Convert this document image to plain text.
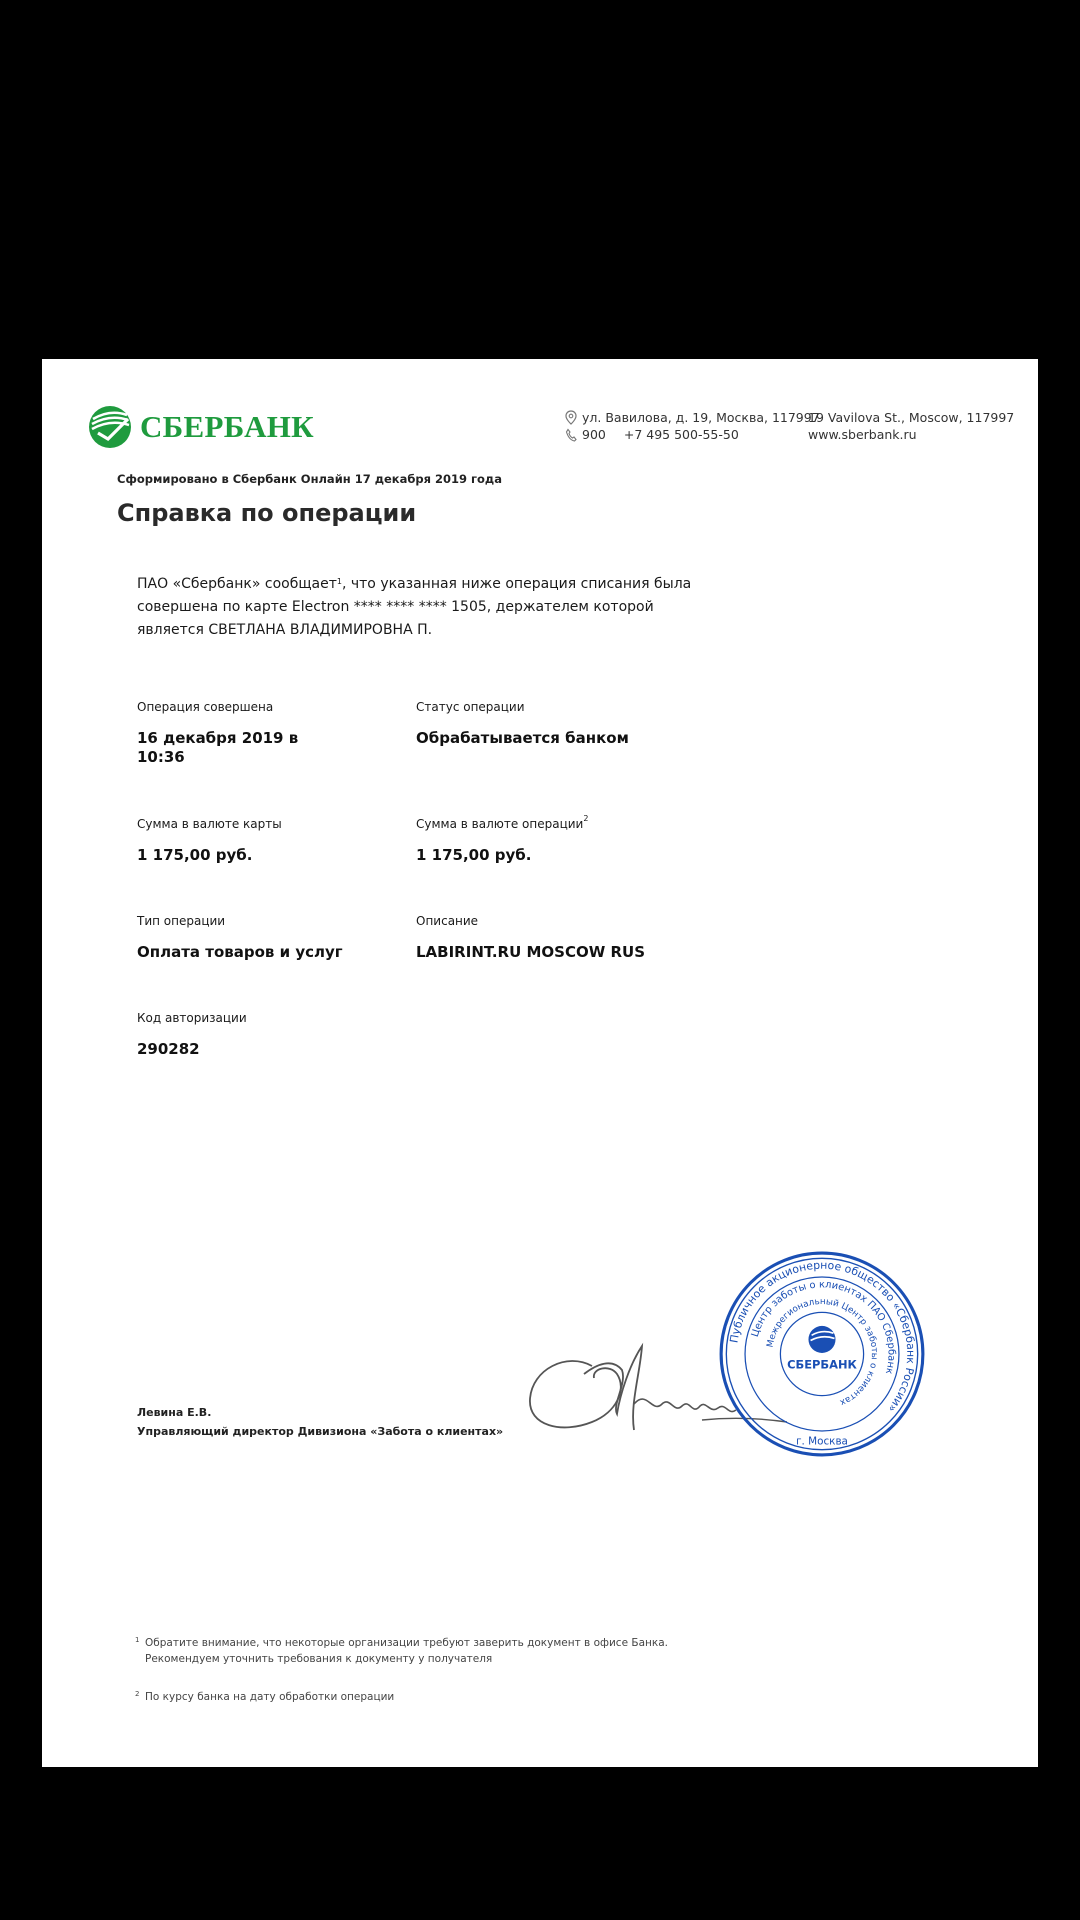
СБЕРБАНК	ул. Вавилова, д. 19, Москва, 117997
900 +7 495 500-55-50
19 Vavilova St., Moscow, 117997
www.sberbank.ru
Сформировано в Сбербанк Онлайн 17 декабря 2019 года
Справка по операции
ПАО «Сбербанк» сообщает$^1$, что указанная ниже операция списания была совершена по карте Electron **** **** **** 1505, держателем которой является СВЕТЛАНА ВЛАДИМИРОВНА П.
Операция совершена
16 декабря 2019 в 10:36
Статус операции
Обрабатывается банком
Сумма в валюте карты
1 175,00 руб.
Сумма в валюте операции$^2$
1 175,00 руб.
Тип операции
Оплата товаров и услуг
Описание
LABIRINT.RU MOSCOW RUS
Код авторизации
290282
Левина Е.В.
Управляющий директор Дивизиона «Забота о клиентах»
Публичное акционерное общество «Сбербанк России»
Центр заботы о клиентах ПАО Сбербанк
Межрегиональный Центр заботы о клиентах
СБЕРБАНК
г. Москва
1 Обратите внимание, что некоторые организации требуют заверить документ в офисе Банка. Рекомендуем уточнить требования к документу у получателя
2 По курсу банка на дату обработки операции
